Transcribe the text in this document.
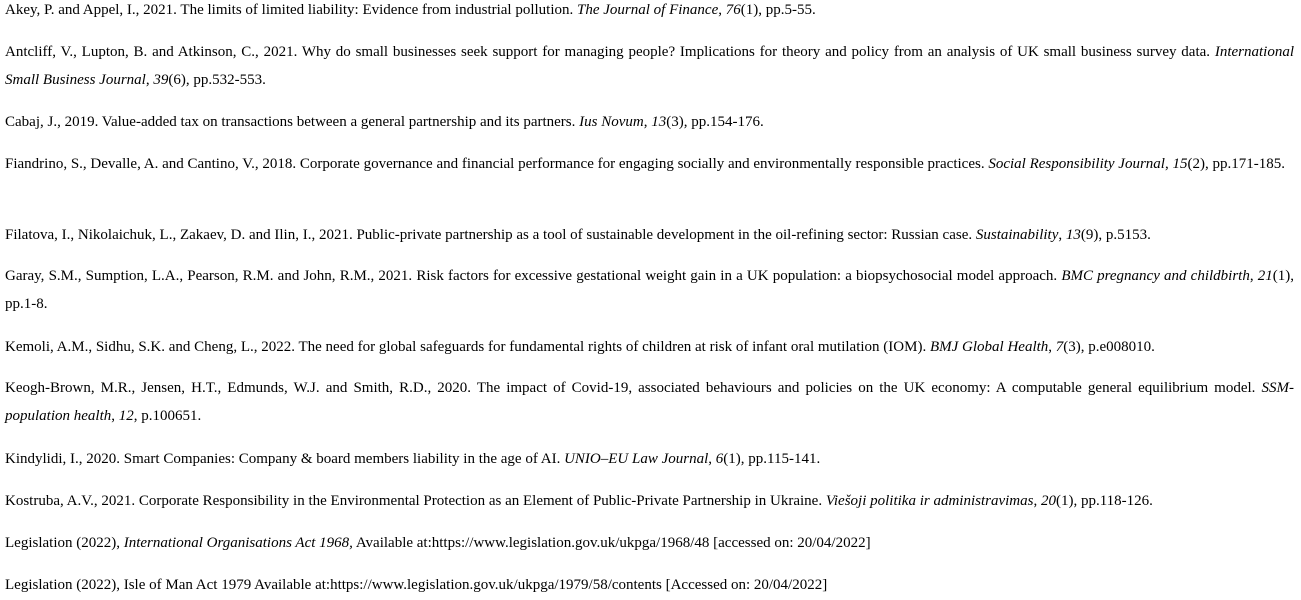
Akey, P. and Appel, I., 2021. The limits of limited liability: Evidence from industrial pollution. The Journal of Finance, 76(1), pp.5-55.

Antcliff, V., Lupton, B. and Atkinson, C., 2021. Why do small businesses seek support for managing people? Implications for theory and policy from an analysis of UK small business survey data. International Small Business Journal, 39(6), pp.532-553.

Cabaj, J., 2019. Value-added tax on transactions between a general partnership and its partners. Ius Novum, 13(3), pp.154-176.

Fiandrino, S., Devalle, A. and Cantino, V., 2018. Corporate governance and financial performance for engaging socially and environmentally responsible practices. Social Responsibility Journal, 15(2), pp.171-185.

Filatova, I., Nikolaichuk, L., Zakaev, D. and Ilin, I., 2021. Public-private partnership as a tool of sustainable development in the oil-refining sector: Russian case. Sustainability, 13(9), p.5153.

Garay, S.M., Sumption, L.A., Pearson, R.M. and John, R.M., 2021. Risk factors for excessive gestational weight gain in a UK population: a biopsychosocial model approach. BMC pregnancy and childbirth, 21(1), pp.1-8.

Kemoli, A.M., Sidhu, S.K. and Cheng, L., 2022. The need for global safeguards for fundamental rights of children at risk of infant oral mutilation (IOM). BMJ Global Health, 7(3), p.e008010.

Keogh-Brown, M.R., Jensen, H.T., Edmunds, W.J. and Smith, R.D., 2020. The impact of Covid-19, associated behaviours and policies on the UK economy: A computable general equilibrium model. SSM-population health, 12, p.100651.

Kindylidi, I., 2020. Smart Companies: Company & board members liability in the age of AI. UNIO–EU Law Journal, 6(1), pp.115-141.

Kostruba, A.V., 2021. Corporate Responsibility in the Environmental Protection as an Element of Public-Private Partnership in Ukraine. Viešoji politika ir administravimas, 20(1), pp.118-126.

Legislation (2022), International Organisations Act 1968, Available at:https://www.legislation.gov.uk/ukpga/1968/48 [accessed on: 20/04/2022]

Legislation (2022), Isle of Man Act 1979 Available at:https://www.legislation.gov.uk/ukpga/1979/58/contents [Accessed on: 20/04/2022]
